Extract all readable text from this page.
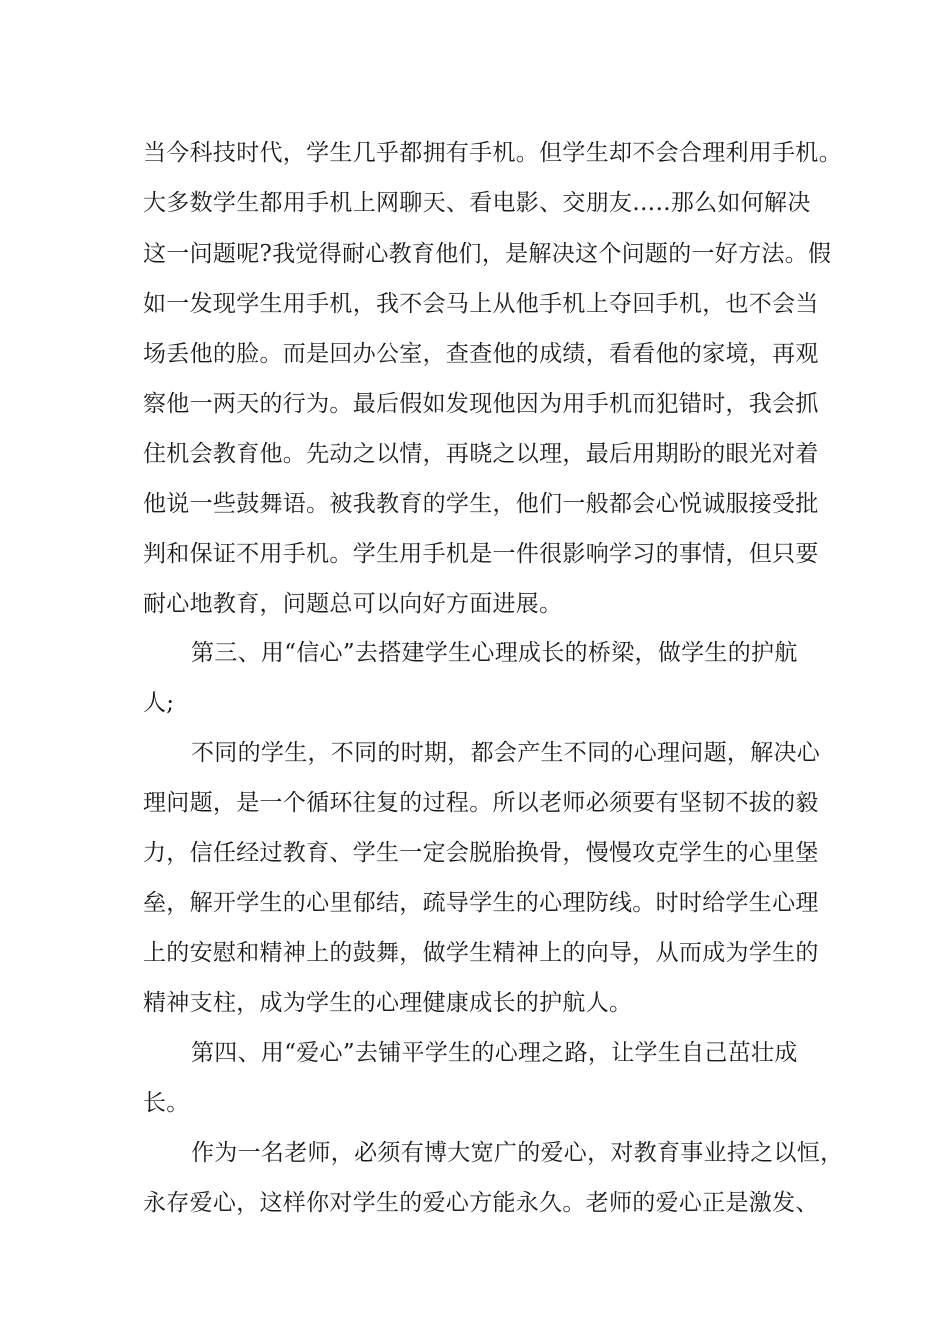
当今科技时代，学生几乎都拥有手机。但学生却不会合理利用手机。
大多数学生都用手机上网聊天、看电影、交朋友…..那么如何解决
这一问题呢?我觉得耐心教育他们，是解决这个问题的一好方法。假
如一发现学生用手机，我不会马上从他手机上夺回手机，也不会当
场丢他的脸。而是回办公室，查查他的成绩，看看他的家境，再观
察他一两天的行为。最后假如发现他因为用手机而犯错时，我会抓
住机会教育他。先动之以情，再晓之以理，最后用期盼的眼光对着
他说一些鼓舞语。被我教育的学生，他们一般都会心悦诚服接受批
判和保证不用手机。学生用手机是一件很影响学习的事情，但只要
耐心地教育，问题总可以向好方面进展。
第三、用“信心”去搭建学生心理成长的桥梁，做学生的护航
人;
不同的学生，不同的时期，都会产生不同的心理问题，解决心
理问题，是一个循环往复的过程。所以老师必须要有坚韧不拔的毅
力，信任经过教育、学生一定会脱胎换骨，慢慢攻克学生的心里堡
垒，解开学生的心里郁结，疏导学生的心理防线。时时给学生心理
上的安慰和精神上的鼓舞，做学生精神上的向导，从而成为学生的
精神支柱，成为学生的心理健康成长的护航人。
第四、用“爱心”去铺平学生的心理之路，让学生自己茁壮成
长。
作为一名老师，必须有博大宽广的爱心，对教育事业持之以恒，
永存爱心，这样你对学生的爱心方能永久。老师的爱心正是激发、
